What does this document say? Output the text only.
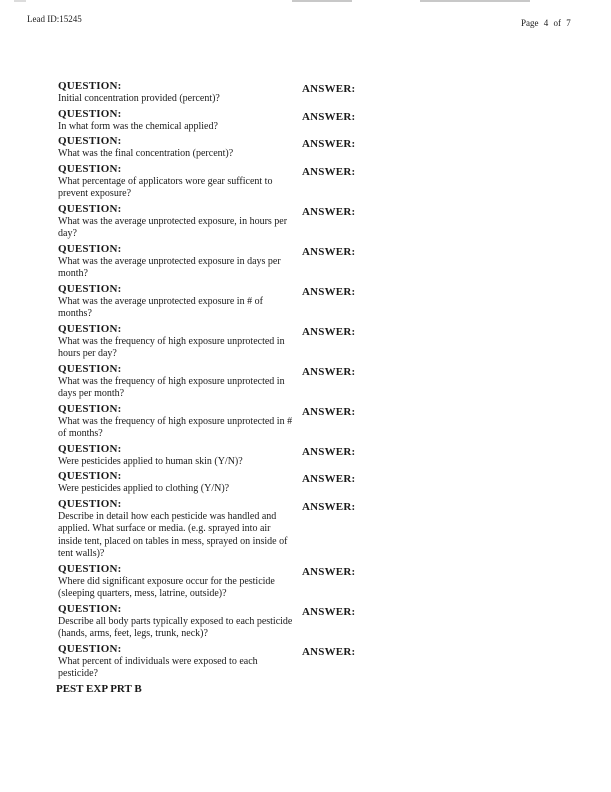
Lead ID:15245	Page 4 of 7
QUESTION:	ANSWER:
Initial concentration provided (percent)?
QUESTION:	ANSWER:
In what form was the chemical applied?
QUESTION:	ANSWER:
What was the final concentration (percent)?
QUESTION:	ANSWER:
What percentage of applicators wore gear sufficent to prevent exposure?
QUESTION:	ANSWER:
What was the average unprotected exposure, in hours per day?
QUESTION:	ANSWER:
What was the average unprotected exposure in days per month?
QUESTION:	ANSWER:
What was the average unprotected exposure in # of months?
QUESTION:	ANSWER:
What was the frequency of high exposure unprotected in hours per day?
QUESTION:	ANSWER:
What was the frequency of high exposure unprotected in days per month?
QUESTION:	ANSWER:
What was the frequency of high exposure unprotected in # of months?
QUESTION:	ANSWER:
Were pesticides applied to human skin (Y/N)?
QUESTION:	ANSWER:
Were pesticides applied to clothing (Y/N)?
QUESTION:	ANSWER:
Describe in detail how each pesticide was handled and applied. What surface or media. (e.g. sprayed into air inside tent, placed on tables in mess, sprayed on inside of tent walls)?
QUESTION:	ANSWER:
Where did significant exposure occur for the pesticide (sleeping quarters, mess, latrine, outside)?
QUESTION:	ANSWER:
Describe all body parts typically exposed to each pesticide (hands, arms, feet, legs, trunk, neck)?
QUESTION:	ANSWER:
What percent of individuals were exposed to each pesticide?
PEST EXP PRT B
